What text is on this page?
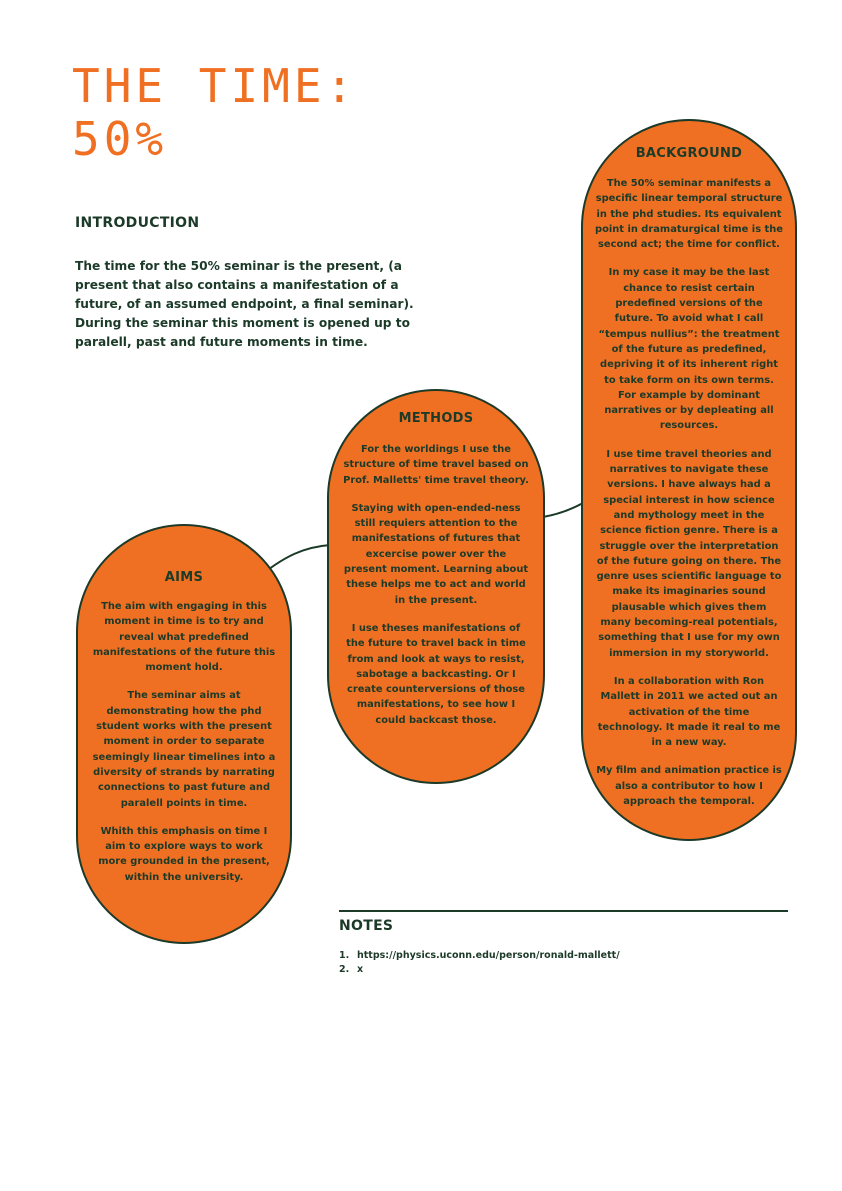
THE TIME:
50%
INTRODUCTION

The time for the 50% seminar is the present, (a present that also contains a manifestation of a future, of an assumed endpoint, a final seminar). During the seminar this moment is opened up to paralell, past and future moments in time.

AIMS

The aim with engaging in this moment in time is to try and reveal what predefined manifestations of the future this moment hold.

The seminar aims at demonstrating how the phd student works with the present moment in order to separate seemingly linear timelines into a diversity of strands by narrating connections to past future and paralell points in time.

Whith this emphasis on time I aim to explore ways to work more grounded in the present, within the university.

METHODS

For the worldings I use the structure of time travel based on Prof. Malletts' time travel theory.

Staying with open-ended-ness still requiers attention to the manifestations of futures that excercise power over the present moment. Learning about these helps me to act and world in the present.

I use theses manifestations of the future to travel back in time from and look at ways to resist, sabotage a backcasting. Or I create counterversions of those manifestations, to see how I could backcast those.

BACKGROUND

The 50% seminar manifests a specific linear temporal structure in the phd studies. Its equivalent point in dramaturgical time is the second act; the time for conflict.

In my case it may be the last chance to resist certain predefined versions of the future. To avoid what I call “tempus nullius”: the treatment of the future as predefined, depriving it of its inherent right to take form on its own terms. For example by dominant narratives or by depleating all resources.

I use time travel theories and narratives to navigate these versions. I have always had a special interest in how science and mythology meet in the science fiction genre. There is a struggle over the interpretation of the future going on there. The genre uses scientific language to make its imaginaries sound plausable which gives them many becoming-real potentials, something that I use for my own immersion in my storyworld.

In a collaboration with Ron Mallett in 2011 we acted out an activation of the time technology. It made it real to me in a new way.

My film and animation practice is also a contributor to how I approach the temporal.

NOTES
1. https://physics.uconn.edu/person/ronald-mallett/
2. x
